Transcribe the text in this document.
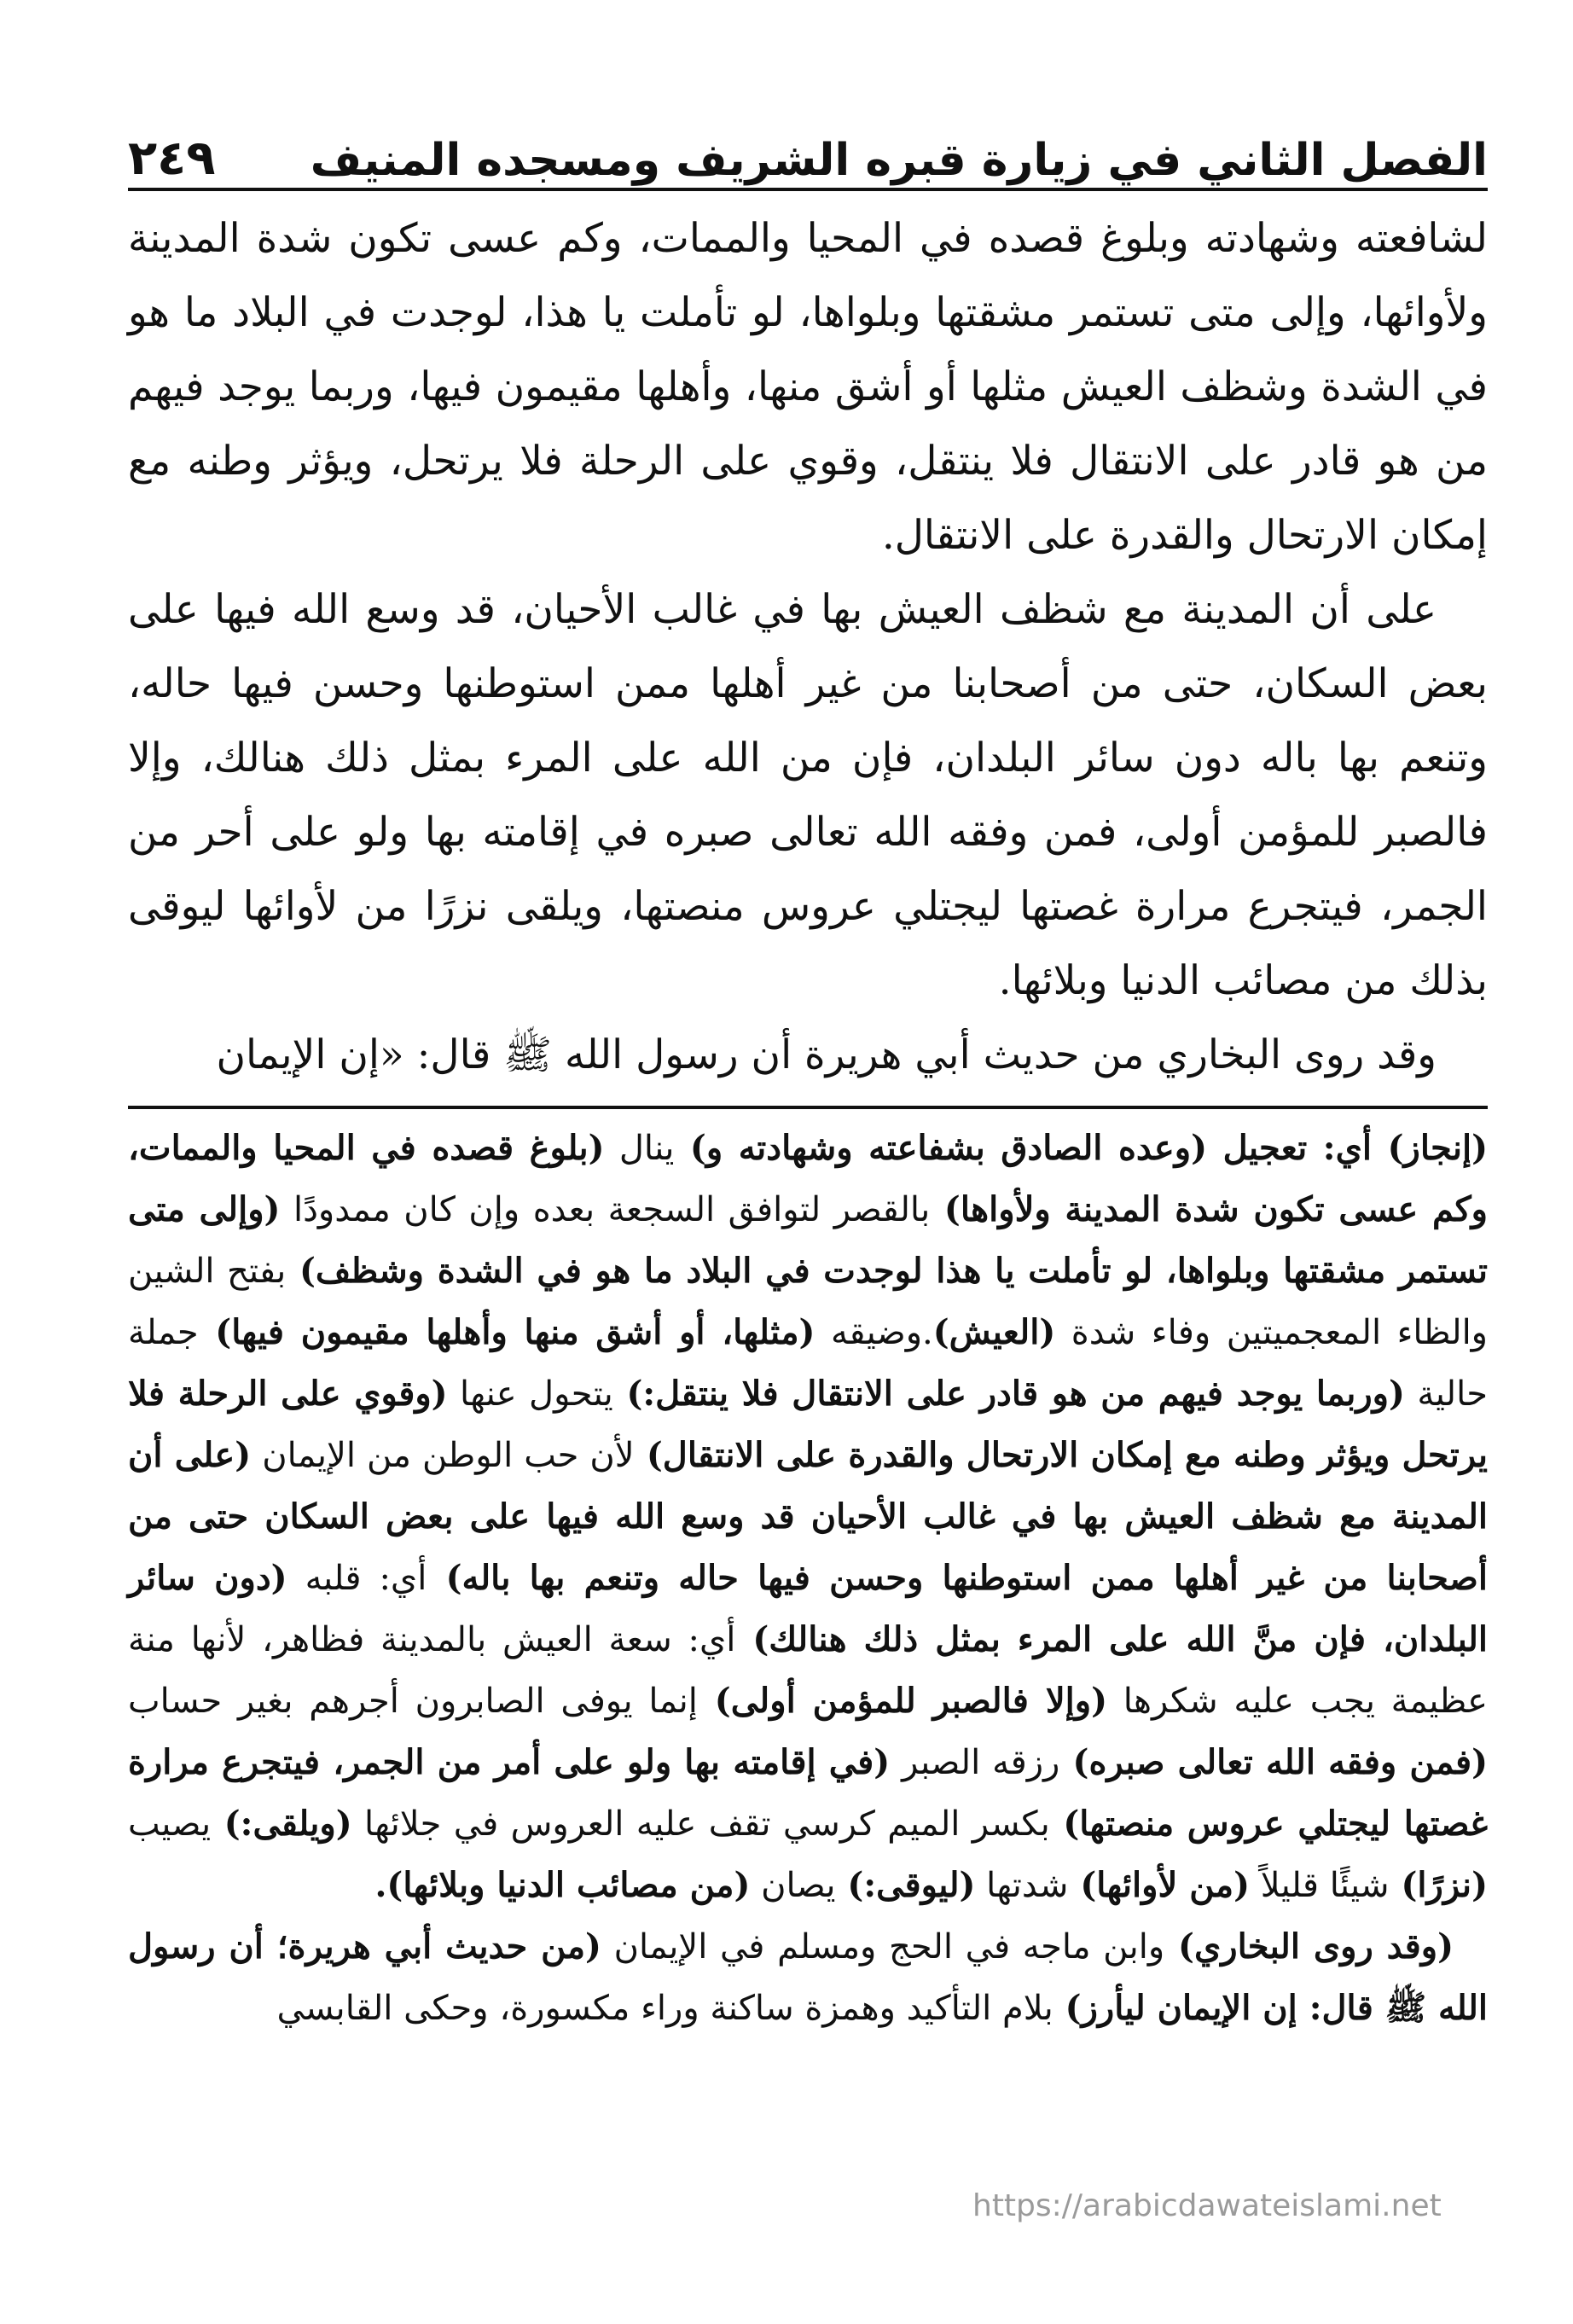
الفصل الثاني في زيارة قبره الشريف ومسجده المنيف
٢٤٩

لشافعته وشهادته وبلوغ قصده في المحيا والممات، وكم عسى تكون شدة المدينة ولأوائها، وإلى متى تستمر مشقتها وبلواها، لو تأملت يا هذا، لوجدت في البلاد ما هو في الشدة وشظف العيش مثلها أو أشق منها، وأهلها مقيمون فيها، وربما يوجد فيهم من هو قادر على الانتقال فلا ينتقل، وقوي على الرحلة فلا يرتحل، ويؤثر وطنه مع إمكان الارتحال والقدرة على الانتقال.

على أن المدينة مع شظف العيش بها في غالب الأحيان، قد وسع الله فيها على بعض السكان، حتى من أصحابنا من غير أهلها ممن استوطنها وحسن فيها حاله، وتنعم بها باله دون سائر البلدان، فإن من الله على المرء بمثل ذلك هنالك، وإلا فالصبر للمؤمن أولى، فمن وفقه الله تعالى صبره في إقامته بها ولو على أحر من الجمر، فيتجرع مرارة غصتها ليجتلي عروس منصتها، ويلقى نزرًا من لأوائها ليوقى بذلك من مصائب الدنيا وبلائها.

وقد روى البخاري من حديث أبي هريرة أن رسول الله ﷺ قال: «إن الإيمان

(إنجاز) أي: تعجيل (وعده الصادق بشفاعته وشهادته و) ينال (بلوغ قصده في المحيا والممات، وكم عسى تكون شدة المدينة ولأواها) بالقصر لتوافق السجعة بعده وإن كان ممدودًا (وإلى متى تستمر مشقتها وبلواها، لو تأملت يا هذا لوجدت في البلاد ما هو في الشدة وشظف) بفتح الشين والظاء المعجميتين وفاء شدة (العيش).وضيقه (مثلها، أو أشق منها وأهلها مقيمون فيها) جملة حالية (وربما يوجد فيهم من هو قادر على الانتقال فلا ينتقل:) يتحول عنها (وقوي على الرحلة فلا يرتحل ويؤثر وطنه مع إمكان الارتحال والقدرة على الانتقال) لأن حب الوطن من الإيمان (على أن المدينة مع شظف العيش بها في غالب الأحيان قد وسع الله فيها على بعض السكان حتى من أصحابنا من غير أهلها ممن استوطنها وحسن فيها حاله وتنعم بها باله) أي: قلبه (دون سائر البلدان، فإن منَّ الله على المرء بمثل ذلك هنالك) أي: سعة العيش بالمدينة فظاهر، لأنها منة عظيمة يجب عليه شكرها (وإلا فالصبر للمؤمن أولى) إنما يوفى الصابرون أجرهم بغير حساب (فمن وفقه الله تعالى صبره) رزقه الصبر (في إقامته بها ولو على أمر من الجمر، فيتجرع مرارة غصتها ليجتلي عروس منصتها) بكسر الميم كرسي تقف عليه العروس في جلائها (ويلقى:) يصيب (نزرًا) شيئًا قليلاً (من لأوائها) شدتها (ليوقى:) يصان (من مصائب الدنيا وبلائها).

(وقد روى البخاري) وابن ماجه في الحج ومسلم في الإيمان (من حديث أبي هريرة؛ أن رسول الله ﷺ قال: إن الإيمان ليأرز) بلام التأكيد وهمزة ساكنة وراء مكسورة، وحكى القابسي

https://arabicdawateislami.net
